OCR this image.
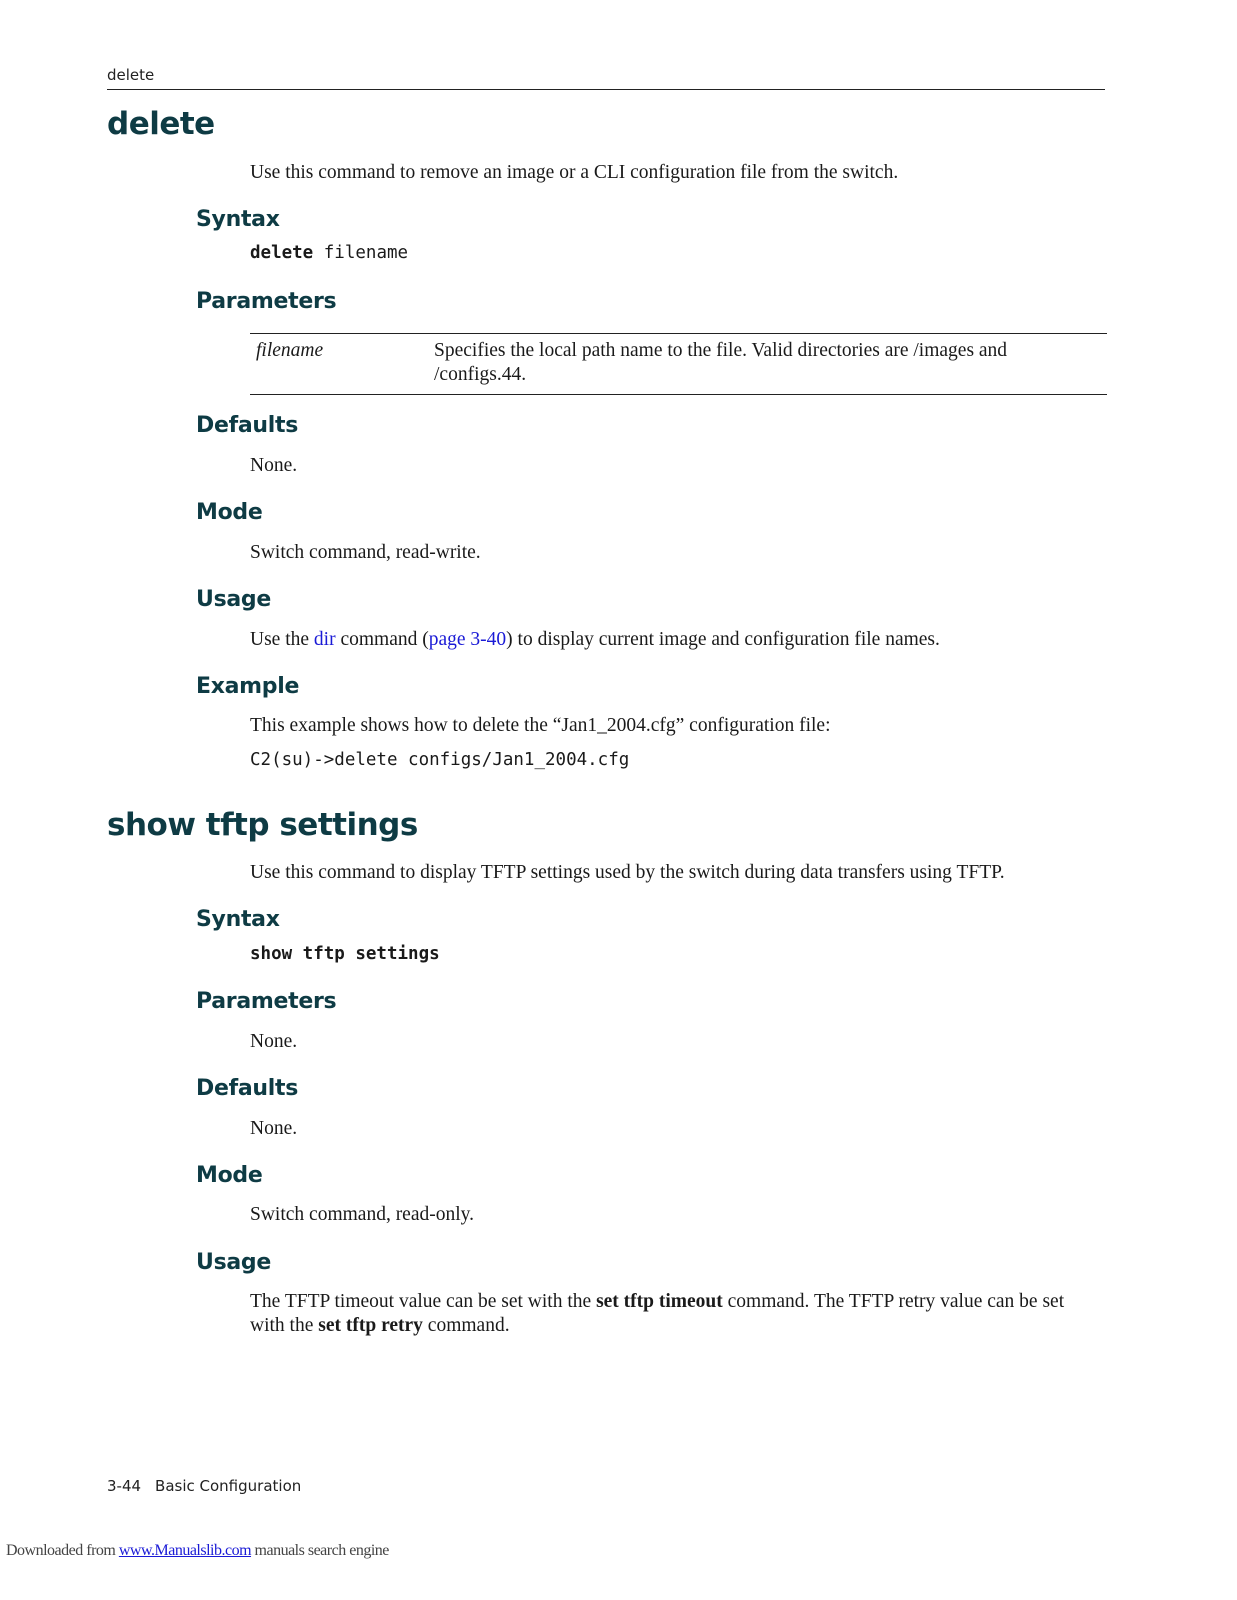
delete
delete

Use this command to remove an image or a CLI configuration file from the switch.

Syntax

delete filename

Parameters
filename	Specifies the local path name to the file. Valid directories are /images and /configs.44.
Defaults

None.

Mode

Switch command, read-write.

Usage

Use the dir command (page 3-40) to display current image and configuration file names.

Example

This example shows how to delete the “Jan1_2004.cfg” configuration file:

C2(su)->delete configs/Jan1_2004.cfg

show tftp settings

Use this command to display TFTP settings used by the switch during data transfers using TFTP.

Syntax

show tftp settings

Parameters

None.

Defaults

None.

Mode

Switch command, read-only.

Usage

The TFTP timeout value can be set with the set tftp timeout command. The TFTP retry value can be set with the set tftp retry command.

3-44 Basic Configuration
Downloaded from www.Manualslib.com manuals search engine
